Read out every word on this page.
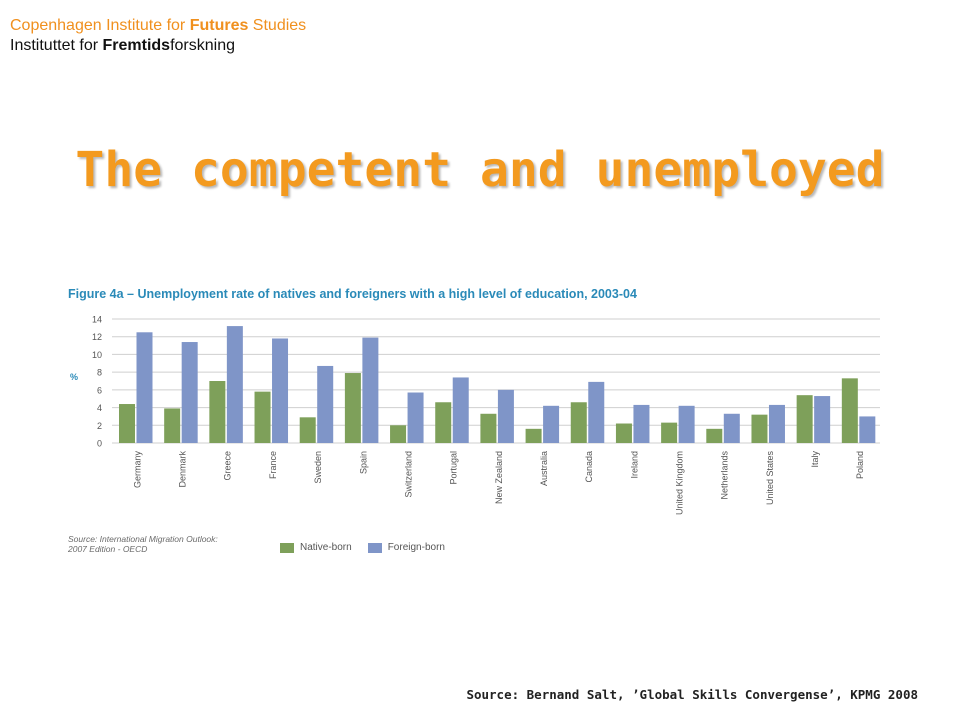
Copenhagen Institute for Futures Studies
Instituttet for Fremtidsforskning
The competent and unemployed
Figure 4a – Unemployment rate of natives and foreigners with a high level of education, 2003-04
0
2
4
6
8
10
12
14
%
Germany	Denmark	Greece	France	Sweden	Spain	Switzerland	Portugal	New Zealand	Australia	Canada	Ireland	United Kingdom	Netherlands	United States	Italy	Poland
Source: International Migration Outlook:
2007 Edition - OECD	Native-born	Foreign-born
Source: Bernand Salt, ’Global Skills Convergense’, KPMG 2008
